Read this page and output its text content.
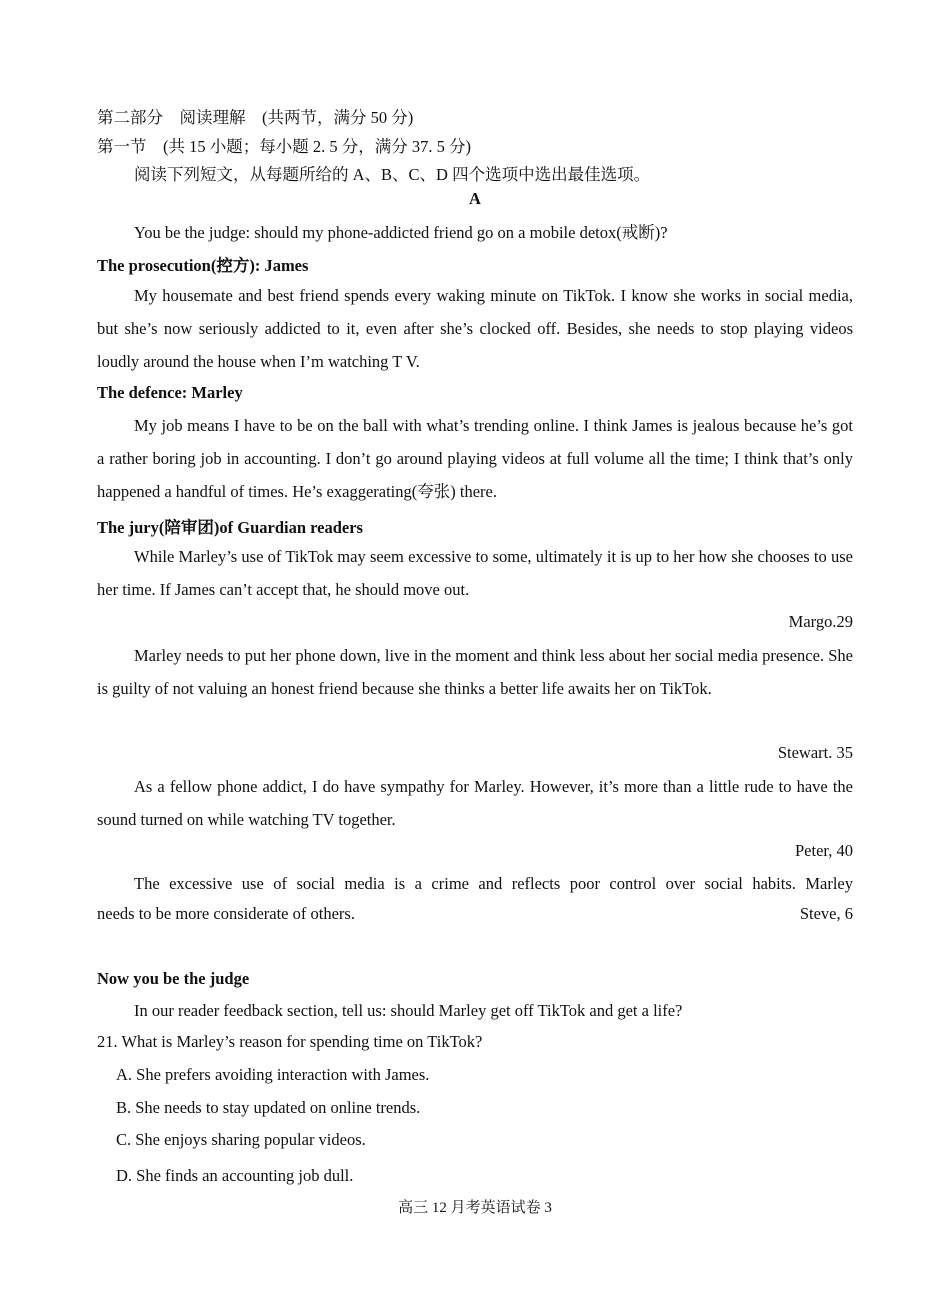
第二部分　阅读理解　(共两节，满分 50 分)
第一节　(共 15 小题；每小题 2. 5 分，满分 37. 5 分)
阅读下列短文，从每题所给的 A、B、C、D 四个选项中选出最佳选项。
A
You be the judge: should my phone-addicted friend go on a mobile detox(戒断)?
The prosecution(控方): James
My housemate and best friend spends every waking minute on TikTok. I know she works in social media, but she’s now seriously addicted to it, even after she’s clocked off. Besides, she needs to stop playing videos loudly around the house when I’m watching T V.
The defence: Marley
My job means I have to be on the ball with what’s trending online. I think James is jealous because he’s got a rather boring job in accounting. I don’t go around playing videos at full volume all the time; I think that’s only happened a handful of times. He’s exaggerating(夸张) there.
The jury(陪审团)of Guardian readers
While Marley’s use of TikTok may seem excessive to some, ultimately it is up to her how she chooses to use her time. If James can’t accept that, he should move out.
Margo.29
Marley needs to put her phone down, live in the moment and think less about her social media presence. She is guilty of not valuing an honest friend because she thinks a better life awaits her on TikTok.
Stewart. 35
As a fellow phone addict, I do have sympathy for Marley. However, it’s more than a little rude to have the sound turned on while watching TV together.
Peter, 40
The excessive use of social media is a crime and reflects poor control over social habits. Marley
needs to be more considerate of others.	Steve, 6
Now you be the judge
In our reader feedback section, tell us: should Marley get off TikTok and get a life?
21. What is Marley’s reason for spending time on TikTok?
A. She prefers avoiding interaction with James.
B. She needs to stay updated on online trends.
C. She enjoys sharing popular videos.
D. She finds an accounting job dull.
高三 12 月考英语试卷 3
